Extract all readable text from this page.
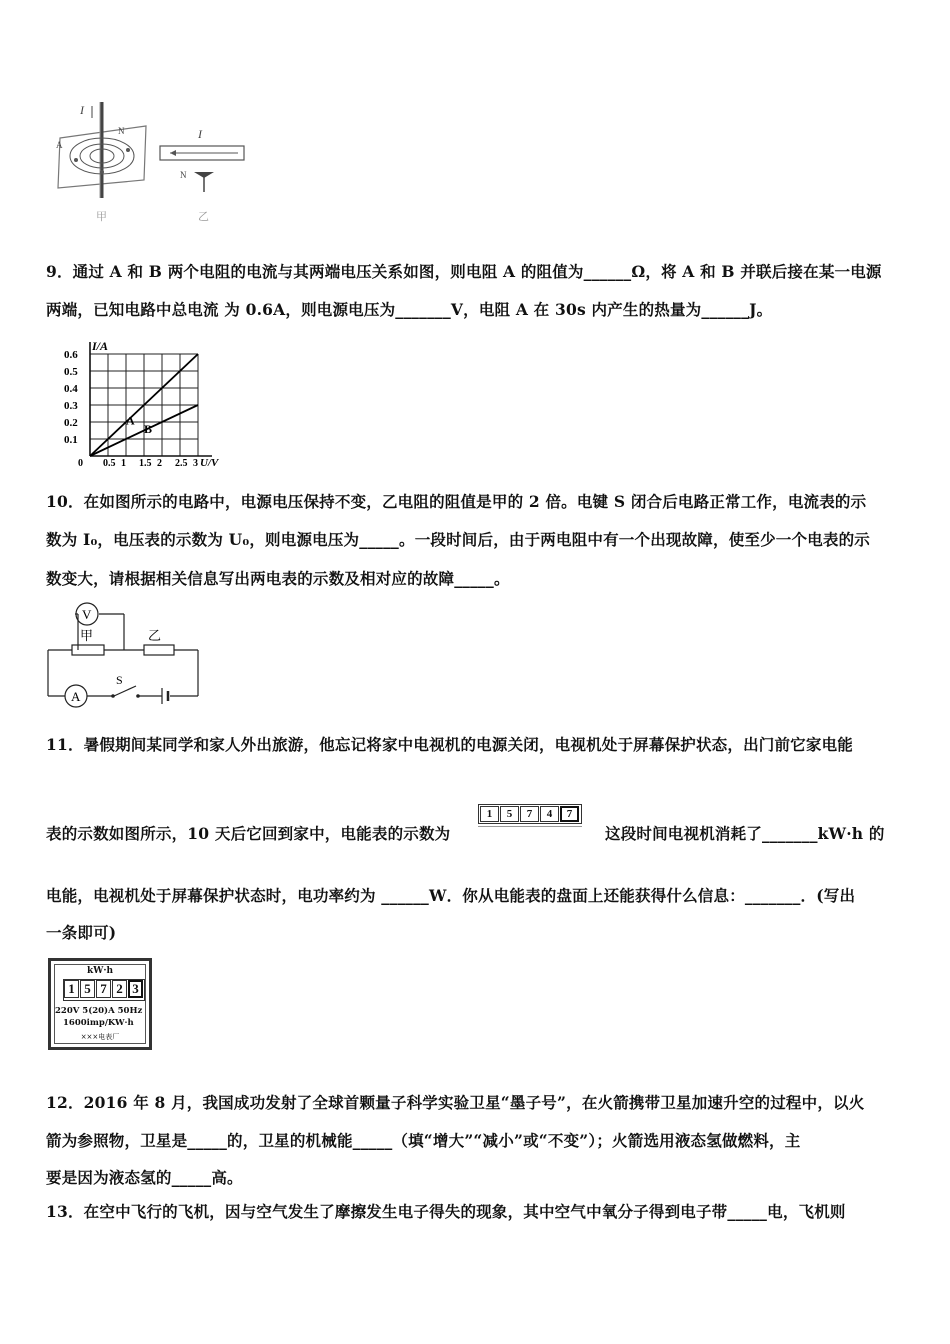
I
N
A
甲
I
N
乙
9．通过 A 和 B 两个电阻的电流与其两端电压关系如图，则电阻 A 的阻值为______Ω，将 A 和 B 并联后接在某一电源
两端，已知电路中总电流 为 0.6A，则电源电压为_______V，电阻 A 在 30s 内产生的热量为______J。
0.1
0.2
0.3
0.4
0.5
0.6
0 0.5 1 1.5 2 2.5 3
I/A
U/V
A
B
10．在如图所示的电路中，电源电压保持不变，乙电阻的阻值是甲的 2 倍。电键 S 闭合后电路正常工作，电流表的示
数为 I₀，电压表的示数为 U₀，则电源电压为_____。一段时间后，由于两电阻中有一个出现故障，使至少一个电表的示
数变大，请根据相关信息写出两电表的示数及相对应的故障_____。
V
A
甲	乙
S
11．暑假期间某同学和家人外出旅游，他忘记将家中电视机的电源关闭，电视机处于屏幕保护状态，出门前它家电能
表的示数如图所示，10 天后它回到家中，电能表的示数为
1	5	7	4	7
这段时间电视机消耗了_______kW·h 的
电能，电视机处于屏幕保护状态时，电功率约为 ______W．你从电能表的盘面上还能获得什么信息：_______．(写出
一条即可)
kW·h
1 5 7 2 3
220V 5(20)A 50Hz
1600imp/KW·h
×××电表厂
12．2016 年 8 月，我国成功发射了全球首颗量子科学实验卫星“墨子号”，在火箭携带卫星加速升空的过程中，以火
箭为参照物，卫星是_____的，卫星的机械能_____（填“增大”“减小”或“不变”）；火箭选用液态氢做燃料，主
要是因为液态氢的_____高。
13．在空中飞行的飞机，因与空气发生了摩擦发生电子得失的现象，其中空气中氧分子得到电子带_____电，飞机则
